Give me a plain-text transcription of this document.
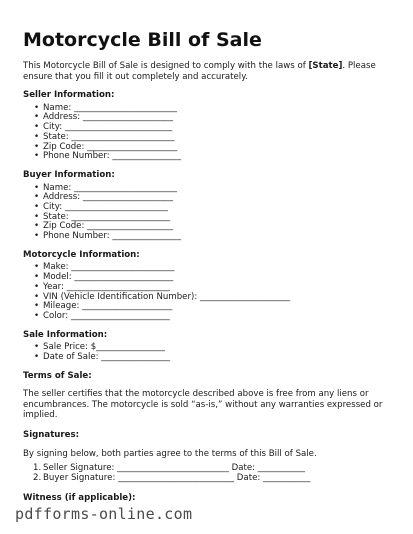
Motorcycle Bill of Sale

This Motorcycle Bill of Sale is designed to comply with the laws of [State]. Please ensure that you fill it out completely and accurately.

Seller Information:

• Name: ________________________
• Address: _____________________
• City: _________________________
• State: ________________________
• Zip Code: _____________________
• Phone Number: ________________

Buyer Information:

• Name: ________________________
• Address: _____________________
• City: ________________________
• State: _______________________
• Zip Code: ____________________
• Phone Number: ________________

Motorcycle Information:

• Make: ________________________
• Model: _______________________
• Year: ________________________
• VIN (Vehicle Identification Number): _____________________
• Mileage: _____________________
• Color: _______________________

Sale Information:

• Sale Price: $________________
• Date of Sale: ________________

Terms of Sale:

The seller certifies that the motorcycle described above is free from any liens or encumbrances. The motorcycle is sold “as-is,” without any warranties expressed or implied.

Signatures:

By signing below, both parties agree to the terms of this Bill of Sale.

1. Seller Signature: __________________________ Date: ___________
2. Buyer Signature: ___________________________ Date: ___________

Witness (if applicable):

pdfforms-online.com
